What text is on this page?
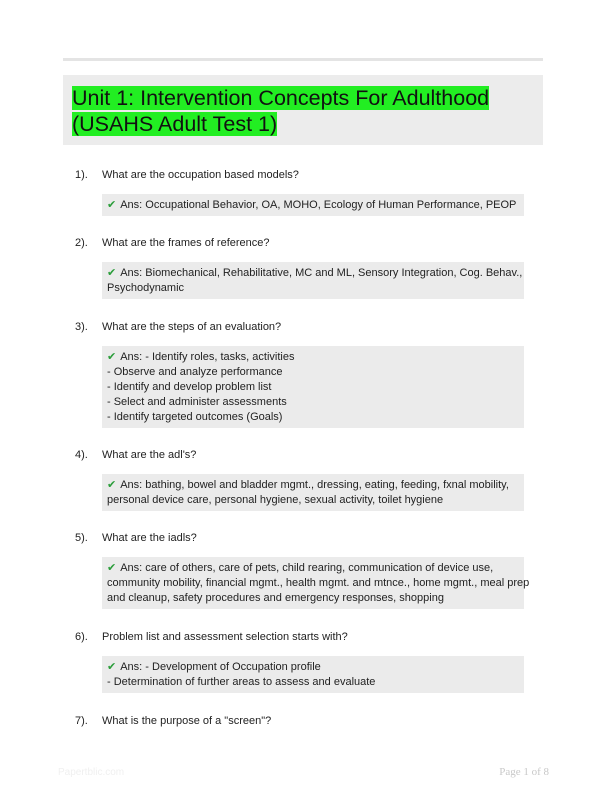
Unit 1: Intervention Concepts For Adulthood
(USAHS Adult Test 1)
1). What are the occupation based models?
✔ Ans: Occupational Behavior, OA, MOHO, Ecology of Human Performance, PEOP
2). What are the frames of reference?
✔ Ans: Biomechanical, Rehabilitative, MC and ML, Sensory Integration, Cog. Behav.,
Psychodynamic
3). What are the steps of an evaluation?
✔ Ans: - Identify roles, tasks, activities
- Observe and analyze performance
- Identify and develop problem list
- Select and administer assessments
- Identify targeted outcomes (Goals)
4). What are the adl's?
✔ Ans: bathing, bowel and bladder mgmt., dressing, eating, feeding, fxnal mobility,
personal device care, personal hygiene, sexual activity, toilet hygiene
5). What are the iadls?
✔ Ans: care of others, care of pets, child rearing, communication of device use,
community mobility, financial mgmt., health mgmt. and mtnce., home mgmt., meal prep
and cleanup, safety procedures and emergency responses, shopping
6). Problem list and assessment selection starts with?
✔ Ans: - Development of Occupation profile
- Determination of further areas to assess and evaluate
7). What is the purpose of a "screen"?
Papertblic.com	Page 1 of 8
